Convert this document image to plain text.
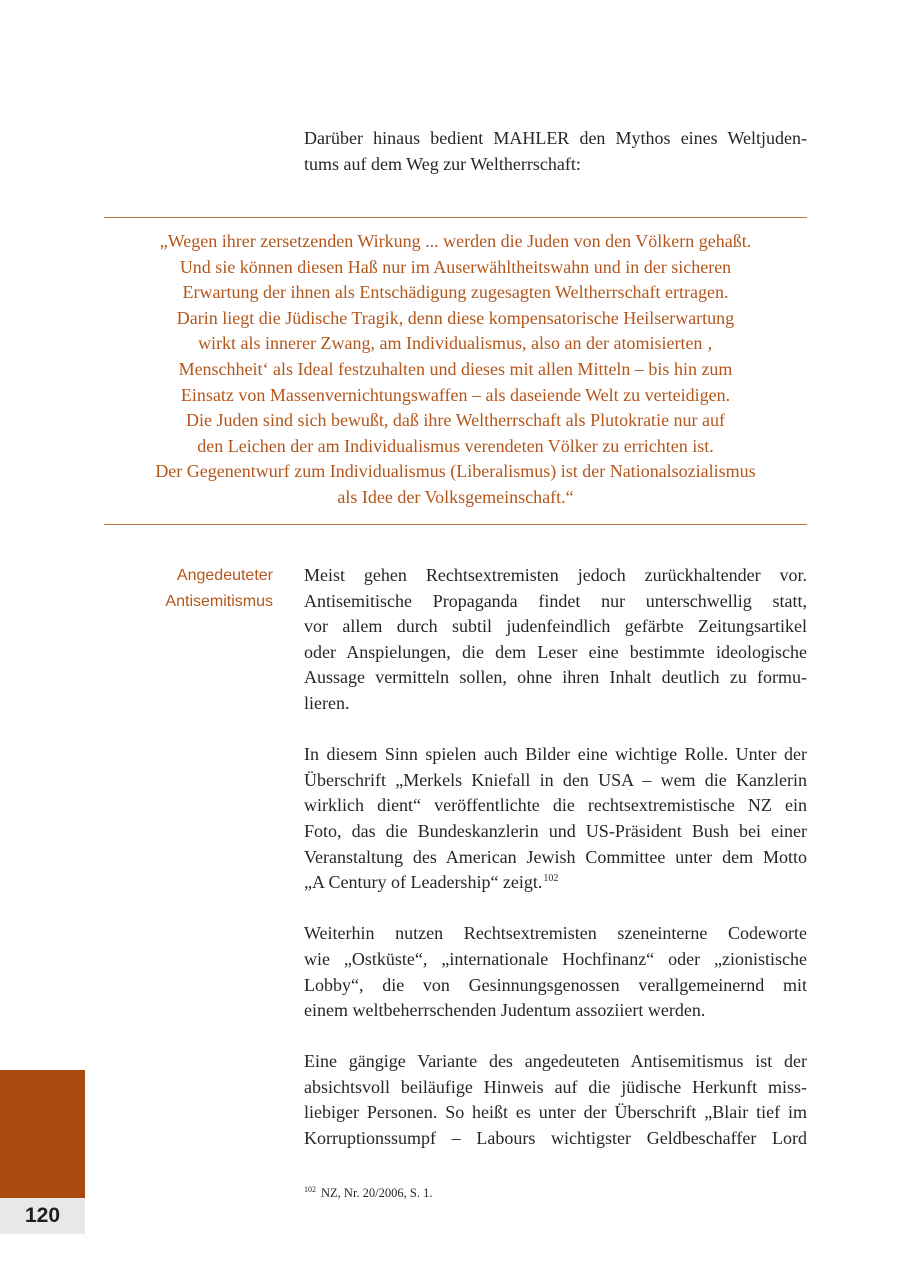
Darüber hinaus bedient MAHLER den Mythos eines Weltjuden-
tums auf dem Weg zur Weltherrschaft:
„Wegen ihrer zersetzenden Wirkung ... werden die Juden von den Völkern gehaßt.
Und sie können diesen Haß nur im Auserwähltheitswahn und in der sicheren
Erwartung der ihnen als Entschädigung zugesagten Weltherrschaft ertragen.
Darin liegt die Jüdische Tragik, denn diese kompensatorische Heilserwartung
wirkt als innerer Zwang, am Individualismus, also an der atomisierten ‚
Menschheit‘ als Ideal festzuhalten und dieses mit allen Mitteln – bis hin zum
Einsatz von Massenvernichtungswaffen – als daseiende Welt zu verteidigen.
Die Juden sind sich bewußt, daß ihre Weltherrschaft als Plutokratie nur auf
den Leichen der am Individualismus verendeten Völker zu errichten ist.
Der Gegenentwurf zum Individualismus (Liberalismus) ist der Nationalsozialismus
als Idee der Volksgemeinschaft.“
Angedeuteter
Antisemitismus
Meist gehen Rechtsextremisten jedoch zurückhaltender vor.
Antisemitische Propaganda findet nur unterschwellig statt,
vor allem durch subtil judenfeindlich gefärbte Zeitungsartikel
oder Anspielungen, die dem Leser eine bestimmte ideologische
Aussage vermitteln sollen, ohne ihren Inhalt deutlich zu formu-
lieren.
In diesem Sinn spielen auch Bilder eine wichtige Rolle. Unter der
Überschrift „Merkels Kniefall in den USA – wem die Kanzlerin
wirklich dient“ veröffentlichte die rechtsextremistische NZ ein
Foto, das die Bundeskanzlerin und US-Präsident Bush bei einer
Veranstaltung des American Jewish Committee unter dem Motto
„A Century of Leadership“ zeigt.$^{102}$
Weiterhin nutzen Rechtsextremisten szeneinterne Codeworte
wie „Ostküste“, „internationale Hochfinanz“ oder „zionistische
Lobby“, die von Gesinnungsgenossen verallgemeinernd mit
einem weltbeherrschenden Judentum assoziiert werden.
Eine gängige Variante des angedeuteten Antisemitismus ist der
absichtsvoll beiläufige Hinweis auf die jüdische Herkunft miss-
liebiger Personen. So heißt es unter der Überschrift „Blair tief im
Korruptionssumpf – Labours wichtigster Geldbeschaffer Lord
$^{102}$ NZ, Nr. 20/2006, S. 1.
120
